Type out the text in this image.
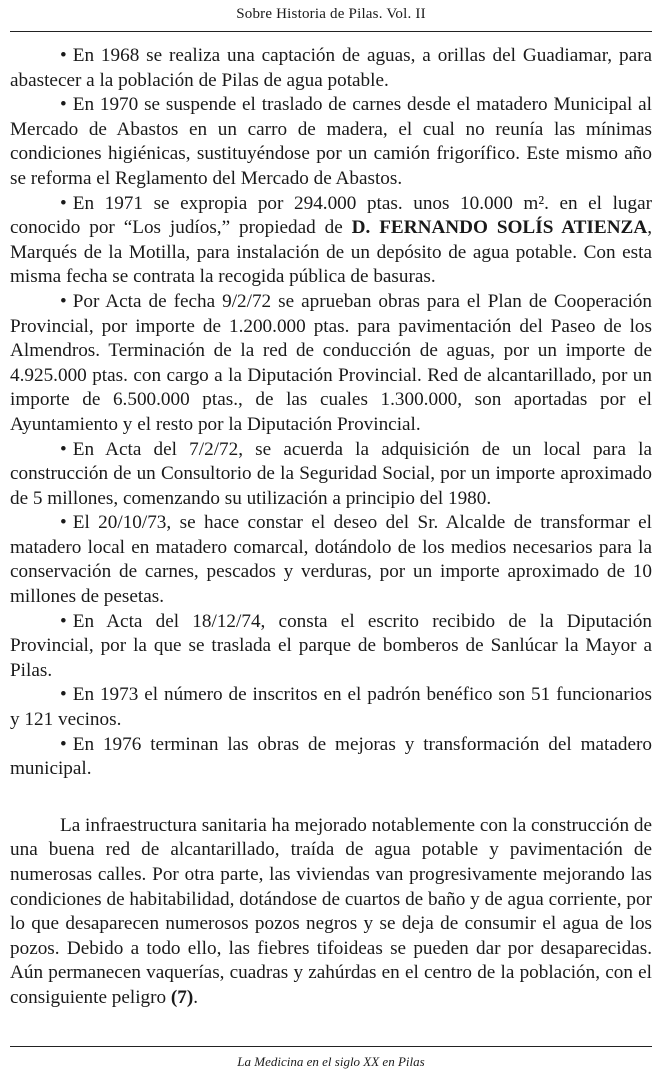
Sobre Historia de Pilas. Vol. II

• En 1968 se realiza una captación de aguas, a orillas del Guadiamar, para abastecer a la población de Pilas de agua potable.

• En 1970 se suspende el traslado de carnes desde el matadero Municipal al Mercado de Abastos en un carro de madera, el cual no reunía las mínimas condiciones higiénicas, sustituyéndose por un camión frigorífico. Este mismo año se reforma el Reglamento del Mercado de Abastos.

• En 1971 se expropia por 294.000 ptas. unos 10.000 m². en el lugar conocido por “Los judíos,” propiedad de D. FERNANDO SOLÍS ATIENZA, Marqués de la Motilla, para instalación de un depósito de agua potable. Con esta misma fecha se contrata la recogida pública de basuras.

• Por Acta de fecha 9/2/72 se aprueban obras para el Plan de Cooperación Provincial, por importe de 1.200.000 ptas. para pavimentación del Paseo de los Almendros. Terminación de la red de conducción de aguas, por un importe de 4.925.000 ptas. con cargo a la Diputación Provincial. Red de alcantarillado, por un importe de 6.500.000 ptas., de las cuales 1.300.000, son aportadas por el Ayuntamiento y el resto por la Diputación Provincial.

• En Acta del 7/2/72, se acuerda la adquisición de un local para la construcción de un Consultorio de la Seguridad Social, por un importe aproximado de 5 millones, comenzando su utilización a principio del 1980.

• El 20/10/73, se hace constar el deseo del Sr. Alcalde de transformar el matadero local en matadero comarcal, dotándolo de los medios necesarios para la conservación de carnes, pescados y verduras, por un importe aproximado de 10 millones de pesetas.

• En Acta del 18/12/74, consta el escrito recibido de la Diputación Provincial, por la que se traslada el parque de bomberos de Sanlúcar la Mayor a Pilas.

• En 1973 el número de inscritos en el padrón benéfico son 51 funcionarios y 121 vecinos.

• En 1976 terminan las obras de mejoras y transformación del matadero municipal.

La infraestructura sanitaria ha mejorado notablemente con la construcción de una buena red de alcantarillado, traída de agua potable y pavimentación de numerosas calles. Por otra parte, las viviendas van progresivamente mejorando las condiciones de habitabilidad, dotándose de cuartos de baño y de agua corriente, por lo que desaparecen numerosos pozos negros y se deja de consumir el agua de los pozos. Debido a todo ello, las fiebres tifoideas se pueden dar por desaparecidas. Aún permanecen vaquerías, cuadras y zahúrdas en el centro de la población, con el consiguiente peligro (7).

La Medicina en el siglo XX en Pilas
